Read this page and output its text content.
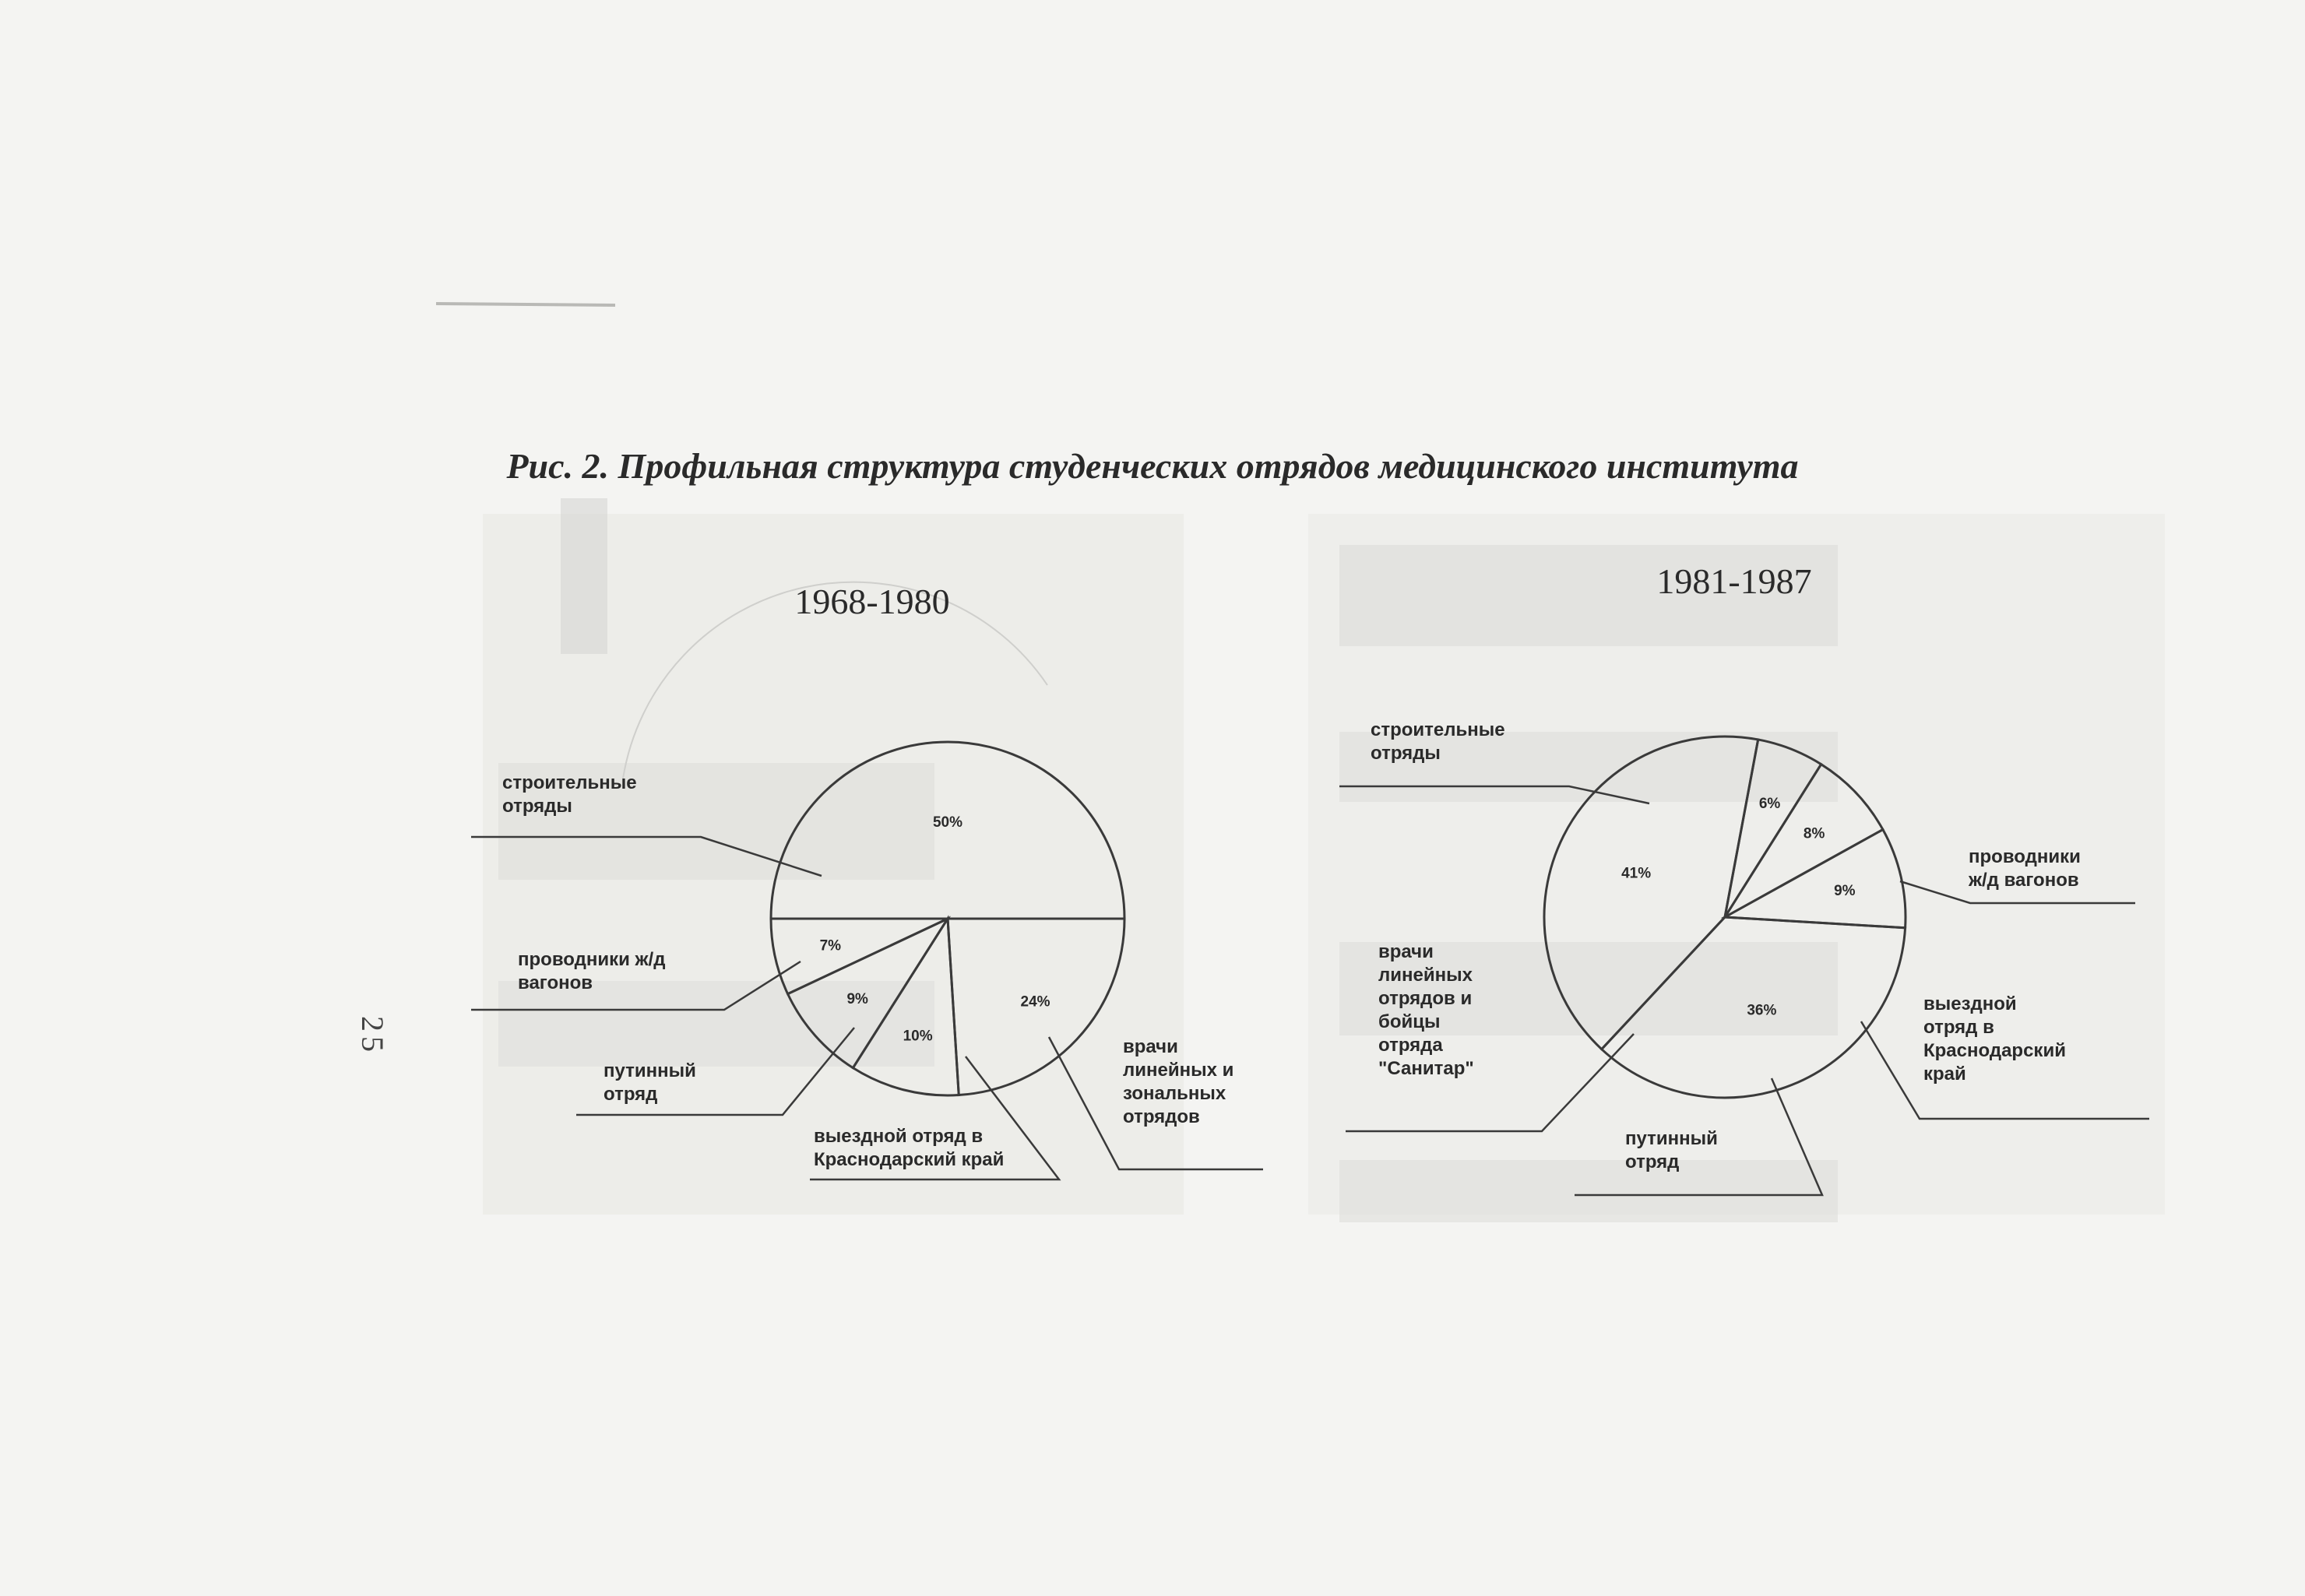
Рис. 2. Профильная структура студенческих отрядов медицинского института
1968-1980
50%
24%
10%
9%
7%
строительные отряды
врачи линейных и зональных отрядов
выездной отряд в Краснодарский край
путинный отряд
проводники ж/д вагонов
1981-1987
41%
6%
8%
9%
36%
строительные отряды
проводники ж/д вагонов
выездной отряд в Краснодарский край
путинный отряд
врачи линейных отрядов и бойцы отряда "Санитар"
25
